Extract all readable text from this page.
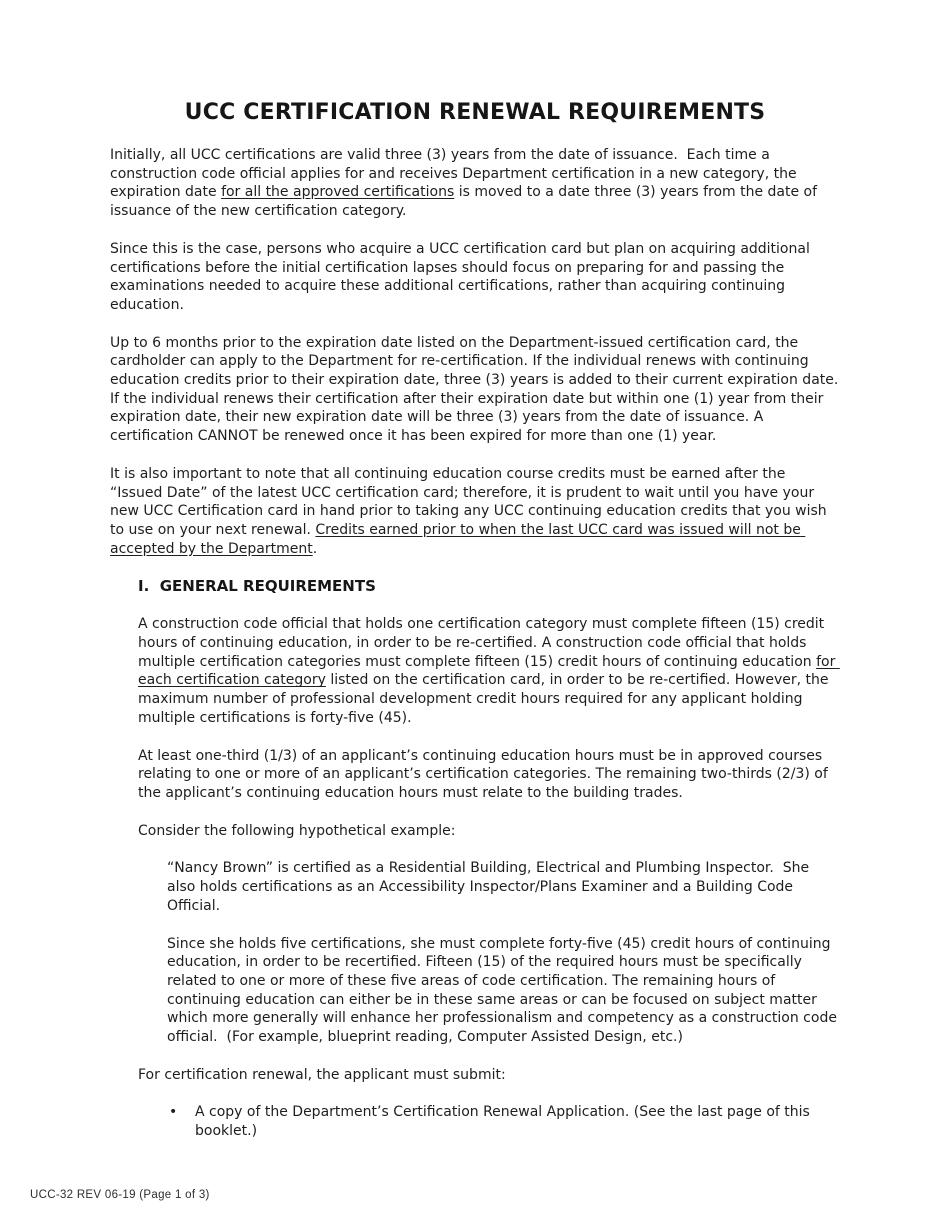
UCC CERTIFICATION RENEWAL REQUIREMENTS

Initially, all UCC certifications are valid three (3) years from the date of issuance.  Each time a construction code official applies for and receives Department certification in a new category, the expiration date for all the approved certifications is moved to a date three (3) years from the date of issuance of the new certification category.

Since this is the case, persons who acquire a UCC certification card but plan on acquiring additional certifications before the initial certification lapses should focus on preparing for and passing the examinations needed to acquire these additional certifications, rather than acquiring continuing education.

Up to 6 months prior to the expiration date listed on the Department-issued certification card, the cardholder can apply to the Department for re-certification. If the individual renews with continuing education credits prior to their expiration date, three (3) years is added to their current expiration date. If the individual renews their certification after their expiration date but within one (1) year from their expiration date, their new expiration date will be three (3) years from the date of issuance. A certification CANNOT be renewed once it has been expired for more than one (1) year.

It is also important to note that all continuing education course credits must be earned after the “Issued Date” of the latest UCC certification card; therefore, it is prudent to wait until you have your new UCC Certification card in hand prior to taking any UCC continuing education credits that you wish to use on your next renewal. Credits earned prior to when the last UCC card was issued will not be accepted by the Department.

I.  GENERAL REQUIREMENTS

A construction code official that holds one certification category must complete fifteen (15) credit hours of continuing education, in order to be re-certified. A construction code official that holds multiple certification categories must complete fifteen (15) credit hours of continuing education for each certification category listed on the certification card, in order to be re-certified. However, the maximum number of professional development credit hours required for any applicant holding multiple certifications is forty-five (45).

At least one-third (1/3) of an applicant’s continuing education hours must be in approved courses relating to one or more of an applicant’s certification categories. The remaining two-thirds (2/3) of the applicant’s continuing education hours must relate to the building trades.

Consider the following hypothetical example:

“Nancy Brown” is certified as a Residential Building, Electrical and Plumbing Inspector.  She also holds certifications as an Accessibility Inspector/Plans Examiner and a Building Code Official.

Since she holds five certifications, she must complete forty-five (45) credit hours of continuing education, in order to be recertified. Fifteen (15) of the required hours must be specifically related to one or more of these five areas of code certification. The remaining hours of continuing education can either be in these same areas or can be focused on subject matter which more generally will enhance her professionalism and competency as a construction code official.  (For example, blueprint reading, Computer Assisted Design, etc.)

For certification renewal, the applicant must submit:

•	A copy of the Department’s Certification Renewal Application. (See the last page of this booklet.)
UCC-32 REV 06-19 (Page 1 of 3)
